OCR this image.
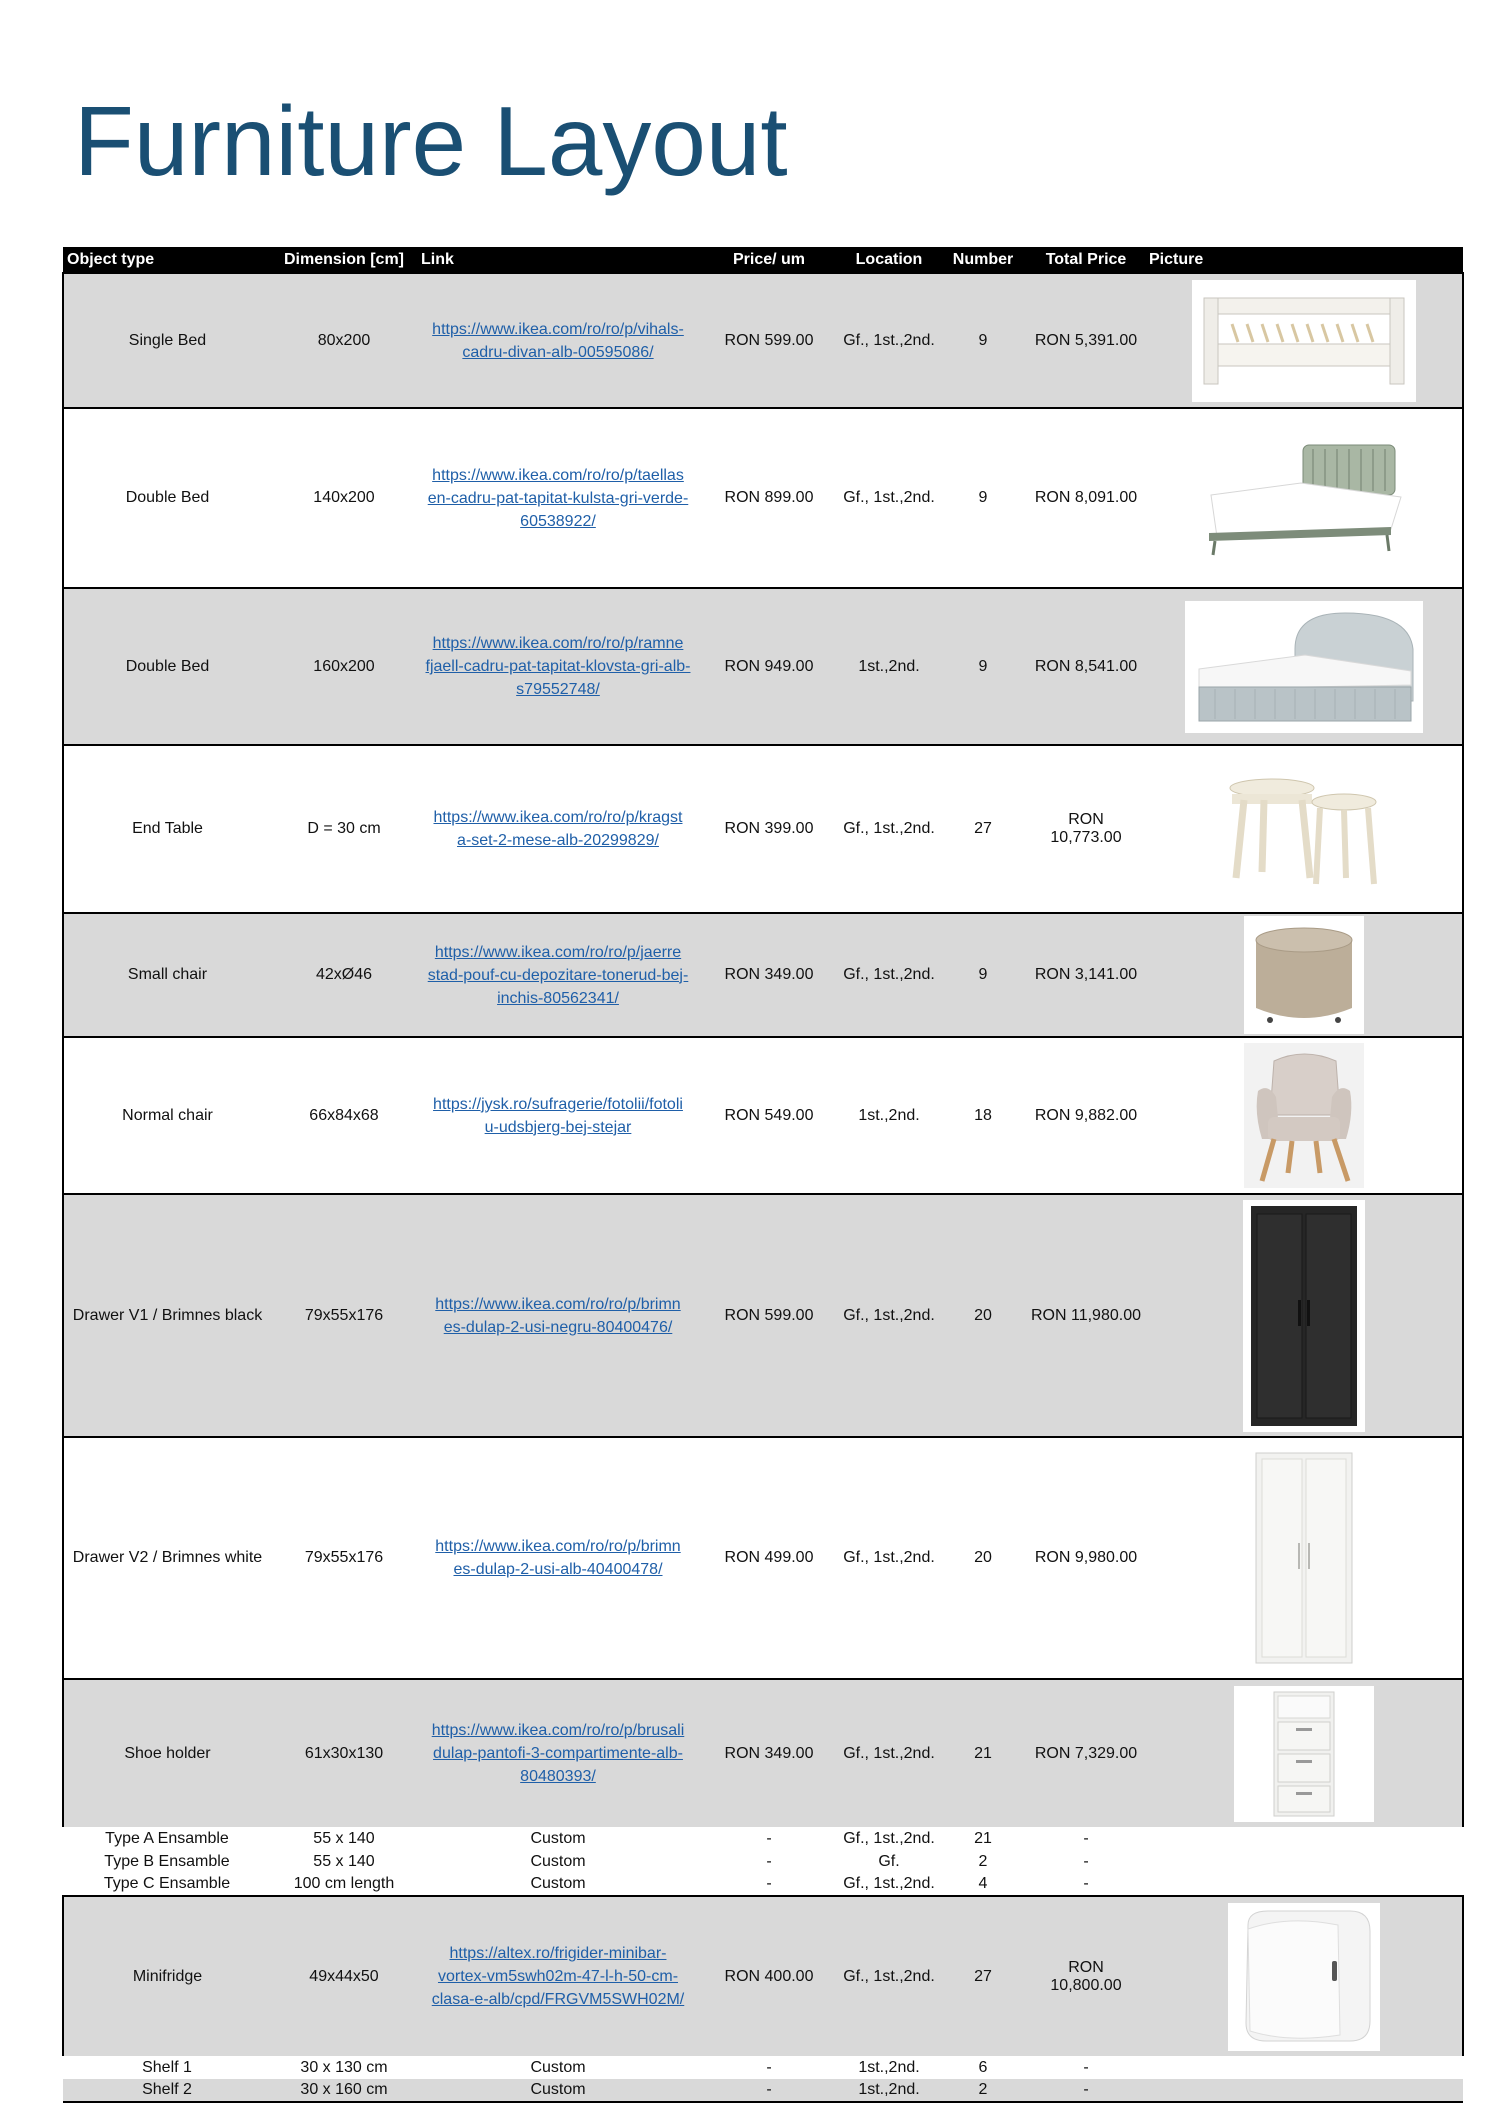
Furniture Layout
Object type	Dimension [cm]	Link	Price/ um	Location	Number	Total Price	Picture
Single Bed	80x200	https://www.ikea.com/ro/ro/p/vihals-
cadru-divan-alb-00595086/	RON 599.00	Gf., 1st.,2nd.	9	RON 5,391.00	

Double Bed	140x200	https://www.ikea.com/ro/ro/p/taellas
en-cadru-pat-tapitat-kulsta-gri-verde-
60538922/	RON 899.00	Gf., 1st.,2nd.	9	RON 8,091.00	

Double Bed	160x200	https://www.ikea.com/ro/ro/p/ramne
fjaell-cadru-pat-tapitat-klovsta-gri-alb-
s79552748/	RON 949.00	1st.,2nd.	9	RON 8,541.00	

End Table	D = 30 cm	https://www.ikea.com/ro/ro/p/kragst
a-set-2-mese-alb-20299829/	RON 399.00	Gf., 1st.,2nd.	27	RON 10,773.00	

Small chair	42xØ46	https://www.ikea.com/ro/ro/p/jaerre
stad-pouf-cu-depozitare-tonerud-bej-
inchis-80562341/	RON 349.00	Gf., 1st.,2nd.	9	RON 3,141.00	

Normal chair	66x84x68	https://jysk.ro/sufragerie/fotolii/fotoli
u-udsbjerg-bej-stejar	RON 549.00	1st.,2nd.	18	RON 9,882.00	

Drawer V1 / Brimnes black	79x55x176	https://www.ikea.com/ro/ro/p/brimn
es-dulap-2-usi-negru-80400476/	RON 599.00	Gf., 1st.,2nd.	20	RON 11,980.00	

Drawer V2 / Brimnes white	79x55x176	https://www.ikea.com/ro/ro/p/brimn
es-dulap-2-usi-alb-40400478/	RON 499.00	Gf., 1st.,2nd.	20	RON 9,980.00	

Shoe holder	61x30x130	https://www.ikea.com/ro/ro/p/brusali
dulap-pantofi-3-compartimente-alb-
80480393/	RON 349.00	Gf., 1st.,2nd.	21	RON 7,329.00	

Type A Ensamble	55 x 140	Custom	-	Gf., 1st.,2nd.	21	-	
Type B Ensamble	55 x 140	Custom	-	Gf.	2	-	
Type C Ensamble	100 cm length	Custom	-	Gf., 1st.,2nd.	4	-	
Minifridge	49x44x50	https://altex.ro/frigider-minibar-
vortex-vm5swh02m-47-l-h-50-cm-
clasa-e-alb/cpd/FRGVM5SWH02M/	RON 400.00	Gf., 1st.,2nd.	27	RON 10,800.00	

Shelf 1	30 x 130 cm	Custom	-	1st.,2nd.	6	-	
Shelf 2	30 x 160 cm	Custom	-	1st.,2nd.	2	-	
